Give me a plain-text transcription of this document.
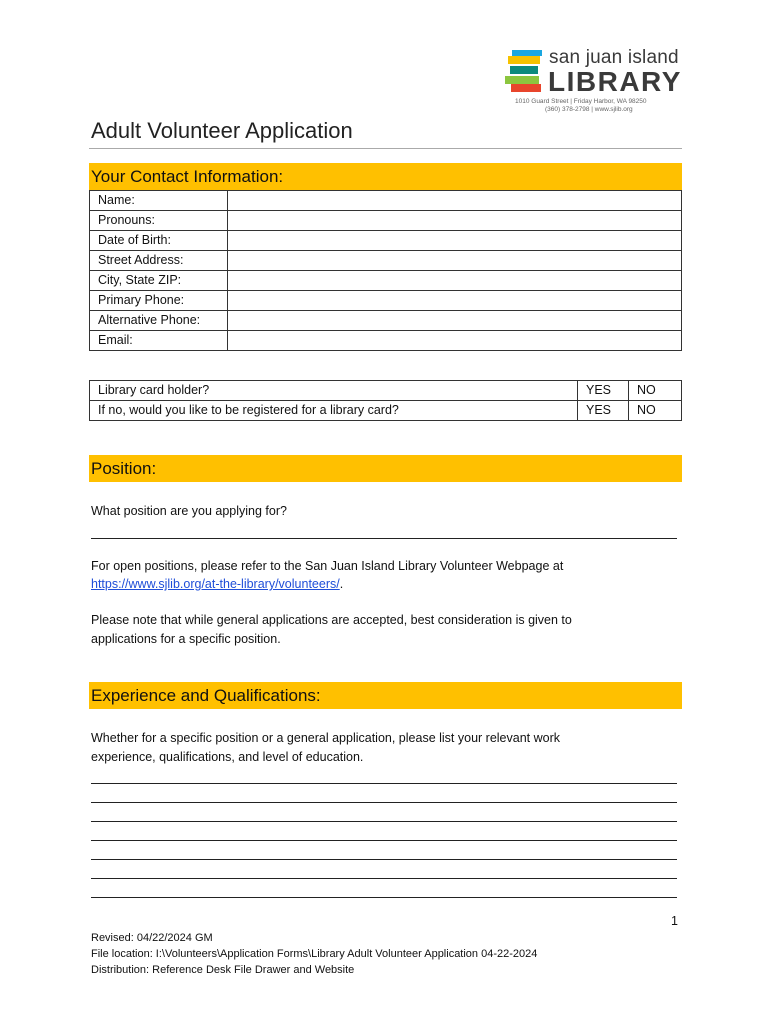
san juan island
LIBRARY
1010 Guard Street | Friday Harbor, WA 98250
(360) 378-2798 | www.sjlib.org
Adult Volunteer Application
Your Contact Information:
Name:	
Pronouns:	
Date of Birth:	
Street Address:	
City, State ZIP:	
Primary Phone:	
Alternative Phone:	
Email:	
Library card holder?	YES	NO
If no, would you like to be registered for a library card?	YES	NO
Position:
What position are you applying for?
For open positions, please refer to the San Juan Island Library Volunteer Webpage at
https://www.sjlib.org/at-the-library/volunteers/.
Please note that while general applications are accepted, best consideration is given to
applications for a specific position.
Experience and Qualifications:
Whether for a specific position or a general application, please list your relevant work
experience, qualifications, and level of education.
1
Revised: 04/22/2024 GM
File location: I:\Volunteers\Application Forms\Library Adult Volunteer Application 04-22-2024
Distribution: Reference Desk File Drawer and Website
